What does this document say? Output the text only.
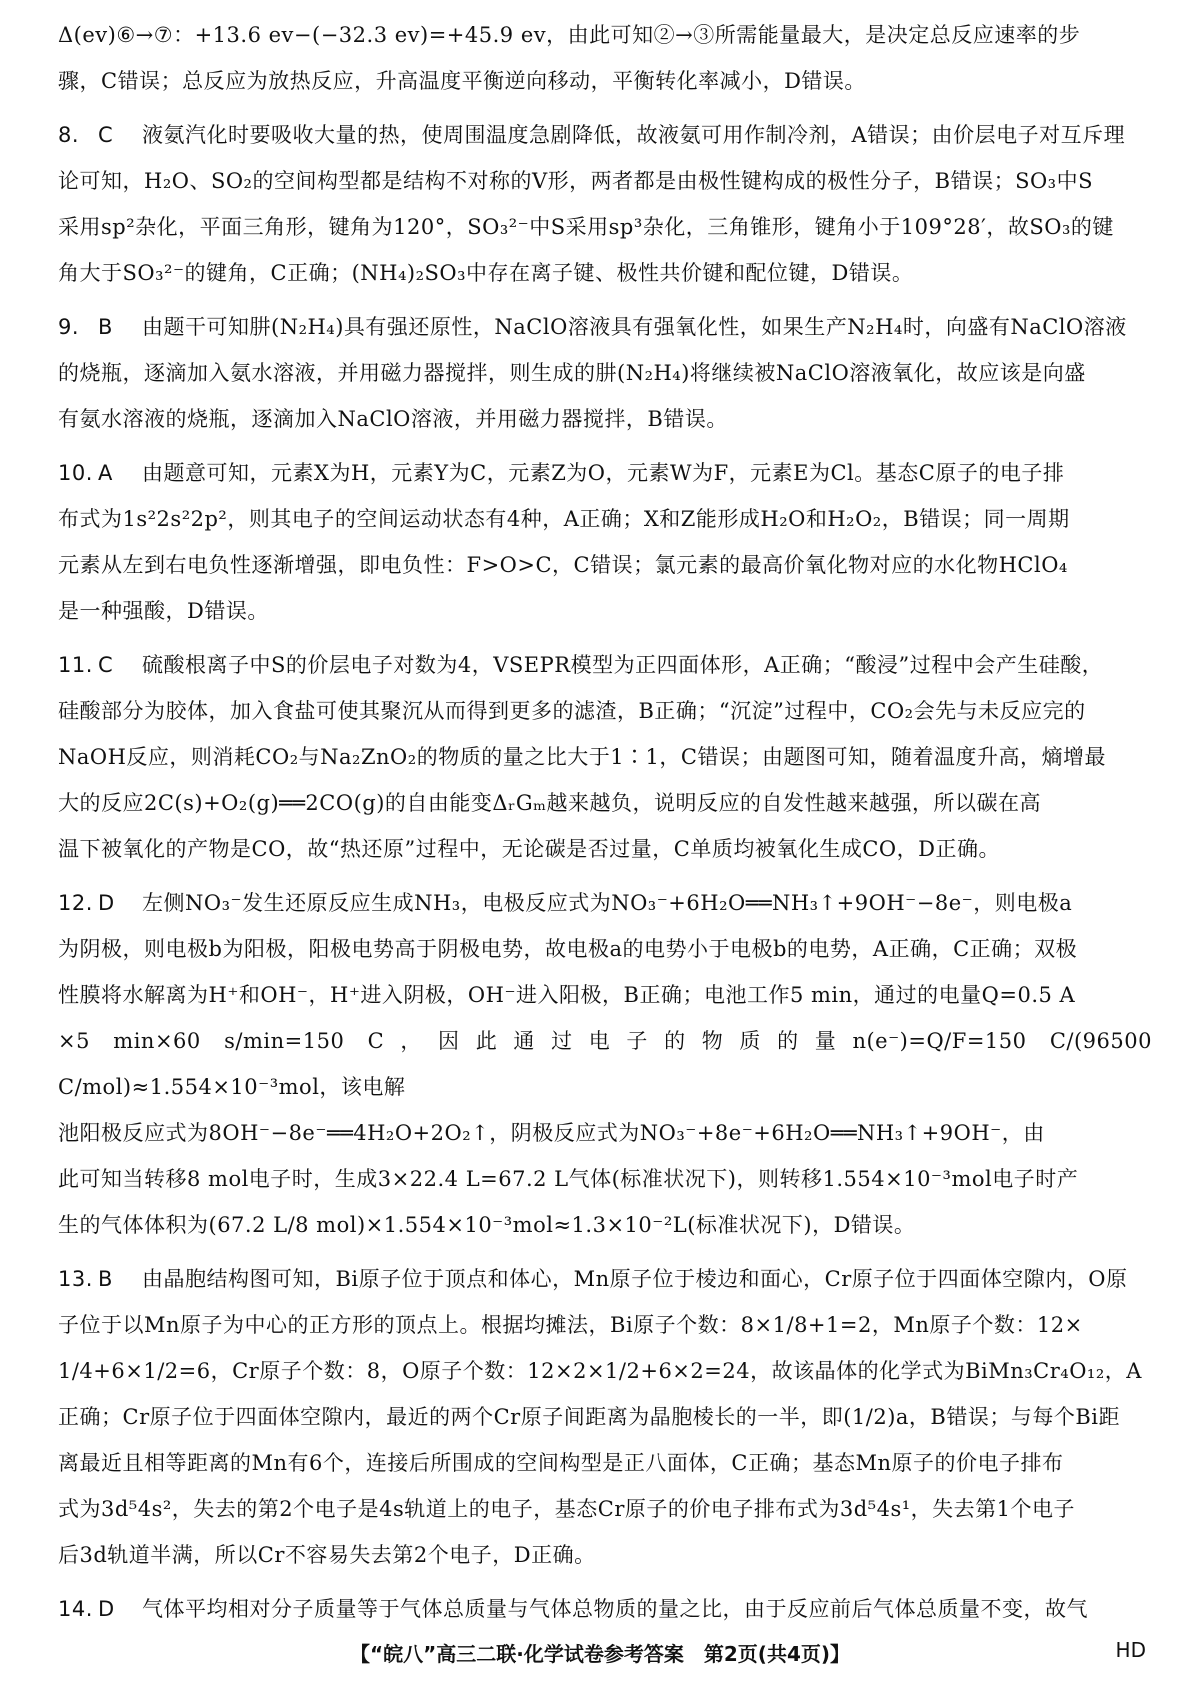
Δ(ev)⑥→⑦：+13.6 ev−(−32.3 ev)=+45.9 ev，由此可知②→③所需能量最大，是决定总反应速率的步

骤，C错误；总反应为放热反应，升高温度平衡逆向移动，平衡转化率减小，D错误。

8. C 液氨汽化时要吸收大量的热，使周围温度急剧降低，故液氨可用作制冷剂，A错误；由价层电子对互斥理

论可知，H₂O、SO₂的空间构型都是结构不对称的V形，两者都是由极性键构成的极性分子，B错误；SO₃中S

采用sp²杂化，平面三角形，键角为120°，SO₃²⁻中S采用sp³杂化，三角锥形，键角小于109°28′，故SO₃的键

角大于SO₃²⁻的键角，C正确；(NH₄)₂SO₃中存在离子键、极性共价键和配位键，D错误。

9. B 由题干可知肼(N₂H₄)具有强还原性，NaClO溶液具有强氧化性，如果生产N₂H₄时，向盛有NaClO溶液

的烧瓶，逐滴加入氨水溶液，并用磁力器搅拌，则生成的肼(N₂H₄)将继续被NaClO溶液氧化，故应该是向盛

有氨水溶液的烧瓶，逐滴加入NaClO溶液，并用磁力器搅拌，B错误。

10. A 由题意可知，元素X为H，元素Y为C，元素Z为O，元素W为F，元素E为Cl。基态C原子的电子排

布式为1s²2s²2p²，则其电子的空间运动状态有4种，A正确；X和Z能形成H₂O和H₂O₂，B错误；同一周期

元素从左到右电负性逐渐增强，即电负性：F>O>C，C错误；氯元素的最高价氧化物对应的水化物HClO₄

是一种强酸，D错误。

11. C 硫酸根离子中S的价层电子对数为4，VSEPR模型为正四面体形，A正确；“酸浸”过程中会产生硅酸，

硅酸部分为胶体，加入食盐可使其聚沉从而得到更多的滤渣，B正确；“沉淀”过程中，CO₂会先与未反应完的

NaOH反应，则消耗CO₂与Na₂ZnO₂的物质的量之比大于1∶1，C错误；由题图可知，随着温度升高，熵增最

大的反应2C(s)+O₂(g)══2CO(g)的自由能变ΔᵣGₘ越来越负，说明反应的自发性越来越强，所以碳在高

温下被氧化的产物是CO，故“热还原”过程中，无论碳是否过量，C单质均被氧化生成CO，D正确。

12. D 左侧NO₃⁻发生还原反应生成NH₃，电极反应式为NO₃⁻+6H₂O══NH₃↑+9OH⁻−8e⁻，则电极a

为阴极，则电极b为阳极，阳极电势高于阴极电势，故电极a的电势小于电极b的电势，A正确，C正确；双极

性膜将水解离为H⁺和OH⁻，H⁺进入阴极，OH⁻进入阳极，B正确；电池工作5 min，通过的电量Q=0.5 A

×5 min×60 s/min=150 C，因此通过电子的物质的量n(e⁻)=Q/F=150 C/(96500 C/mol)≈1.554×10⁻³mol，该电解

池阳极反应式为8OH⁻−8e⁻══4H₂O+2O₂↑，阴极反应式为NO₃⁻+8e⁻+6H₂O══NH₃↑+9OH⁻，由

此可知当转移8 mol电子时，生成3×22.4 L=67.2 L气体(标准状况下)，则转移1.554×10⁻³mol电子时产

生的气体体积为(67.2 L/8 mol)×1.554×10⁻³mol≈1.3×10⁻²L(标准状况下)，D错误。

13. B 由晶胞结构图可知，Bi原子位于顶点和体心，Mn原子位于棱边和面心，Cr原子位于四面体空隙内，O原

子位于以Mn原子为中心的正方形的顶点上。根据均摊法，Bi原子个数：8×1/8+1=2，Mn原子个数：12×

1/4+6×1/2=6，Cr原子个数：8，O原子个数：12×2×1/2+6×2=24，故该晶体的化学式为BiMn₃Cr₄O₁₂，A

正确；Cr原子位于四面体空隙内，最近的两个Cr原子间距离为晶胞棱长的一半，即(1/2)a，B错误；与每个Bi距

离最近且相等距离的Mn有6个，连接后所围成的空间构型是正八面体，C正确；基态Mn原子的价电子排布

式为3d⁵4s²，失去的第2个电子是4s轨道上的电子，基态Cr原子的价电子排布式为3d⁵4s¹，失去第1个电子

后3d轨道半满，所以Cr不容易失去第2个电子，D正确。

14. D 气体平均相对分子质量等于气体总质量与气体总物质的量之比，由于反应前后气体总质量不变，故气

【“皖八”高三二联·化学试卷参考答案　第2页(共4页)】	HD
